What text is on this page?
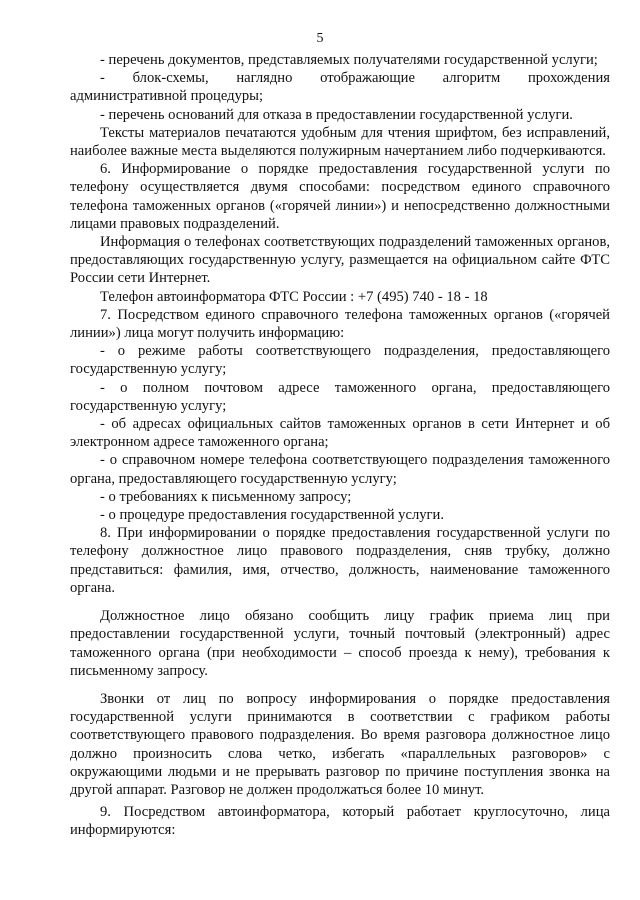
5

- перечень документов, представляемых получателями государственной услуги;

- блок-схемы, наглядно отображающие алгоритм прохождения административной процедуры;

- перечень оснований для отказа в предоставлении государственной услуги.

Тексты материалов печатаются удобным для чтения шрифтом, без исправлений, наиболее важные места выделяются полужирным начертанием либо подчеркиваются.

6. Информирование о порядке предоставления государственной услуги по телефону осуществляется двумя способами: посредством единого справочного телефона таможенных органов («горячей линии») и непосредственно должностными лицами правовых подразделений.

Информация о телефонах соответствующих подразделений таможенных органов, предоставляющих государственную услугу, размещается на официальном сайте ФТС России сети Интернет.

Телефон автоинформатора ФТС России : +7 (495) 740 - 18 - 18

7. Посредством единого справочного телефона таможенных органов («горячей линии») лица могут получить информацию:

- о режиме работы соответствующего подразделения, предоставляющего государственную услугу;

- о полном почтовом адресе таможенного органа, предоставляющего государственную услугу;

- об адресах официальных сайтов таможенных органов в сети Интернет и об электронном адресе таможенного органа;

- о справочном номере телефона соответствующего подразделения таможенного органа, предоставляющего государственную услугу;

- о требованиях к письменному запросу;

- о процедуре предоставления государственной услуги.

8. При информировании о порядке предоставления государственной услуги по телефону должностное лицо правового подразделения, сняв трубку, должно представиться: фамилия, имя, отчество, должность, наименование таможенного органа.

Должностное лицо обязано сообщить лицу график приема лиц при предоставлении государственной услуги, точный почтовый (электронный) адрес таможенного органа (при необходимости – способ проезда к нему), требования к письменному запросу.

Звонки от лиц по вопросу информирования о порядке предоставления государственной услуги принимаются в соответствии с графиком работы соответствующего правового подразделения. Во время разговора должностное лицо должно произносить слова четко, избегать «параллельных разговоров» с окружающими людьми и не прерывать разговор по причине поступления звонка на другой аппарат. Разговор не должен продолжаться более 10 минут.

9. Посредством автоинформатора, который работает круглосуточно, лица информируются:
